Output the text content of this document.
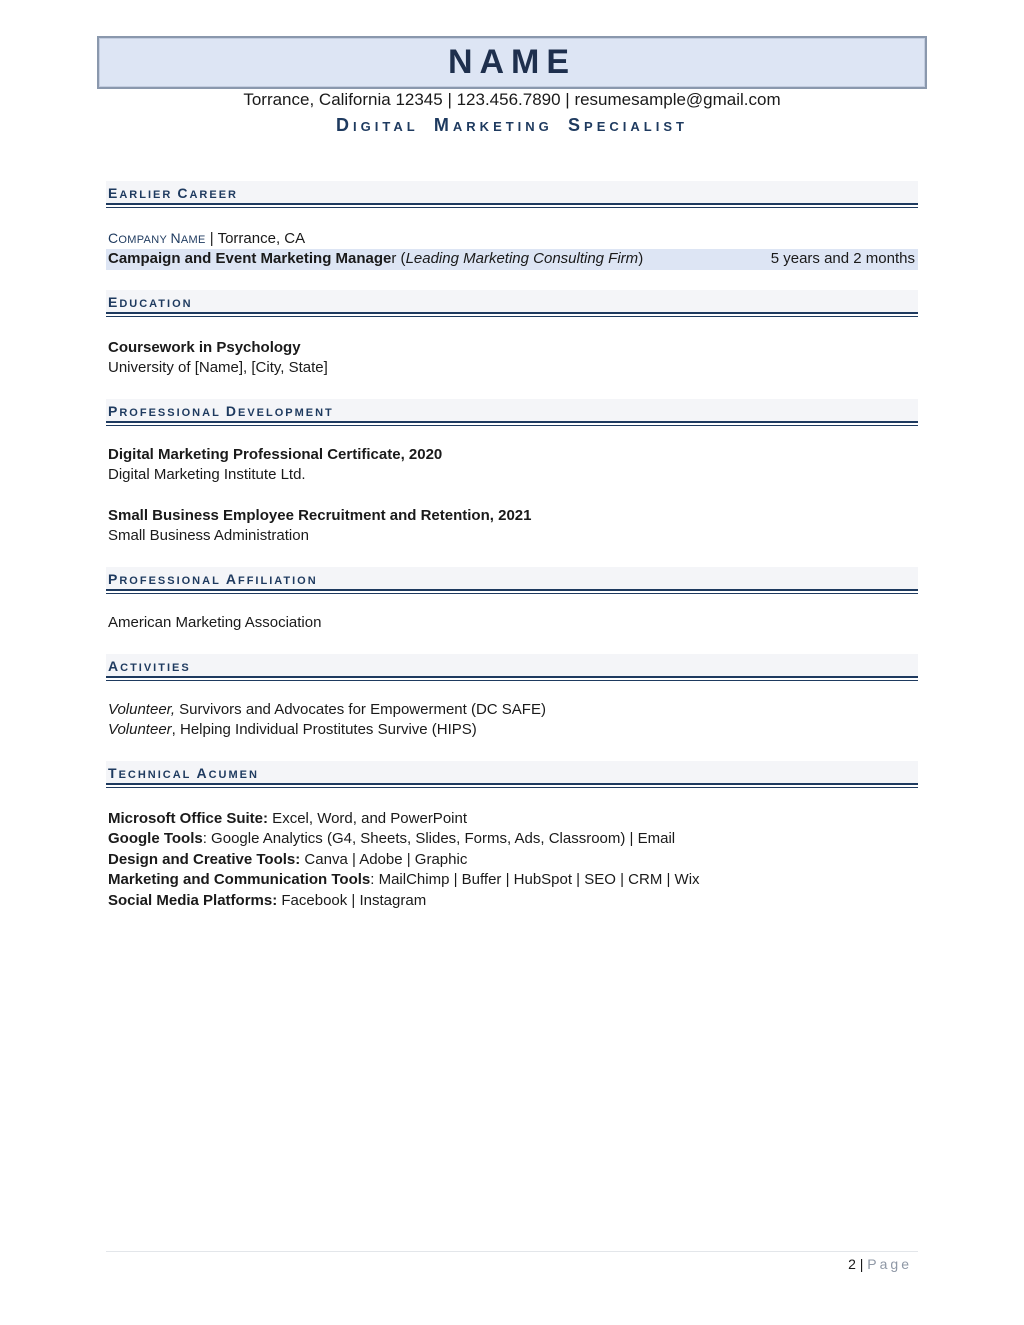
NAME
Torrance, California 12345 | 123.456.7890 | resumesample@gmail.com
DIGITAL MARKETING SPECIALIST
EARLIER CAREER
COMPANY NAME | Torrance, CA
Campaign and Event Marketing Manager (Leading Marketing Consulting Firm)	5 years and 2 months
EDUCATION
Coursework in Psychology
University of [Name], [City, State]
PROFESSIONAL DEVELOPMENT
Digital Marketing Professional Certificate, 2020
Digital Marketing Institute Ltd.
Small Business Employee Recruitment and Retention, 2021
Small Business Administration
PROFESSIONAL AFFILIATION
American Marketing Association
ACTIVITIES
Volunteer, Survivors and Advocates for Empowerment (DC SAFE)
Volunteer, Helping Individual Prostitutes Survive (HIPS)
TECHNICAL ACUMEN
Microsoft Office Suite: Excel, Word, and PowerPoint
Google Tools: Google Analytics (G4, Sheets, Slides, Forms, Ads, Classroom) | Email
Design and Creative Tools: Canva | Adobe | Graphic
Marketing and Communication Tools: MailChimp | Buffer | HubSpot | SEO | CRM | Wix
Social Media Platforms: Facebook | Instagram
2 | Page
